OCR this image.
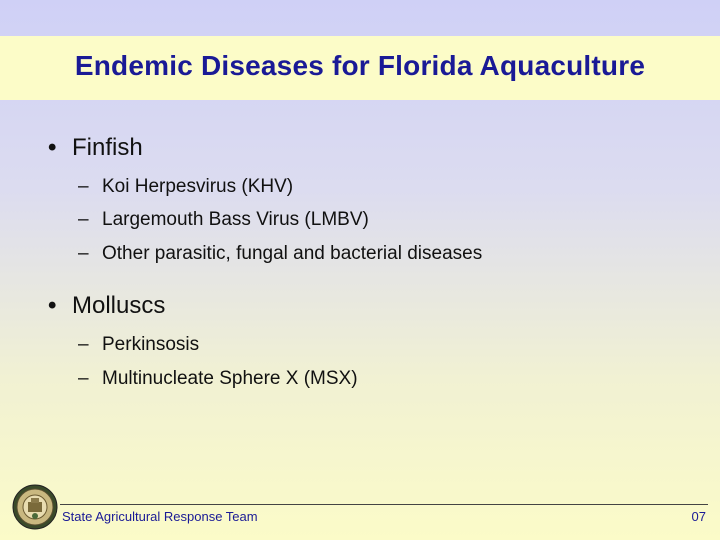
Endemic Diseases for Florida Aquaculture
• Finfish
– Koi Herpesvirus (KHV)
– Largemouth Bass Virus (LMBV)
– Other parasitic, fungal and bacterial diseases
• Molluscs
– Perkinsosis
– Multinucleate Sphere X (MSX)
State Agricultural Response Team	07
